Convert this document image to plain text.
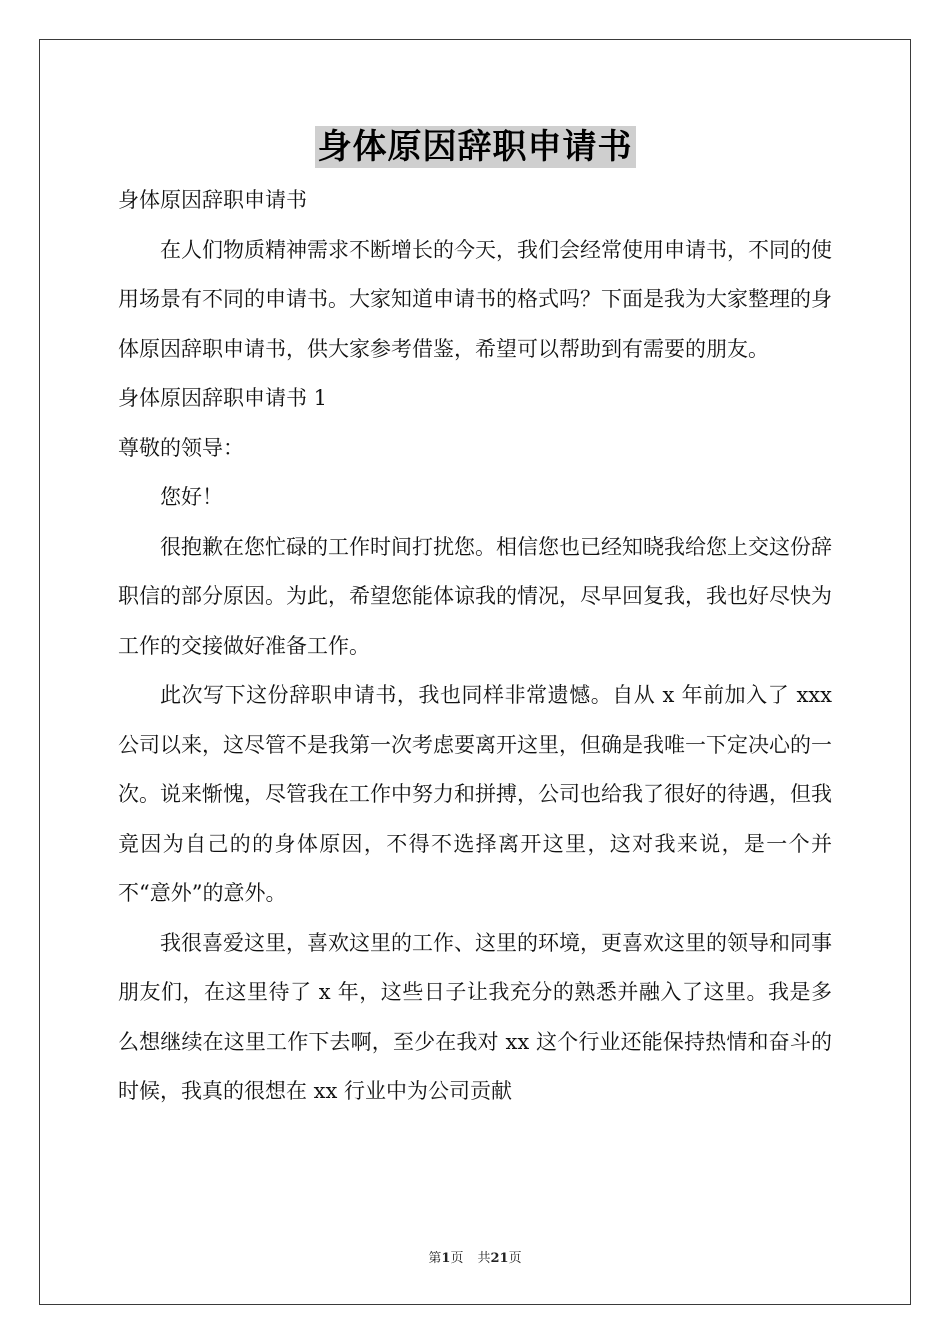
身体原因辞职申请书

身体原因辞职申请书

在人们物质精神需求不断增长的今天，我们会经常使用申请书，不同的使用场景有不同的申请书。大家知道申请书的格式吗？下面是我为大家整理的身体原因辞职申请书，供大家参考借鉴，希望可以帮助到有需要的朋友。

身体原因辞职申请书 1

尊敬的领导：

您好！

很抱歉在您忙碌的工作时间打扰您。相信您也已经知晓我给您上交这份辞职信的部分原因。为此，希望您能体谅我的情况，尽早回复我，我也好尽快为工作的交接做好准备工作。

此次写下这份辞职申请书，我也同样非常遗憾。自从 x 年前加入了 xxx 公司以来，这尽管不是我第一次考虑要离开这里，但确是我唯一下定决心的一次。说来惭愧，尽管我在工作中努力和拼搏，公司也给我了很好的待遇，但我竟因为自己的的身体原因，不得不选择离开这里，这对我来说，是一个并不“意外”的意外。

我很喜爱这里，喜欢这里的工作、这里的环境，更喜欢这里的领导和同事朋友们，在这里待了 x 年，这些日子让我充分的熟悉并融入了这里。我是多么想继续在这里工作下去啊，至少在我对 xx 这个行业还能保持热情和奋斗的时候，我真的很想在 xx 行业中为公司贡献

第1页 共21页
